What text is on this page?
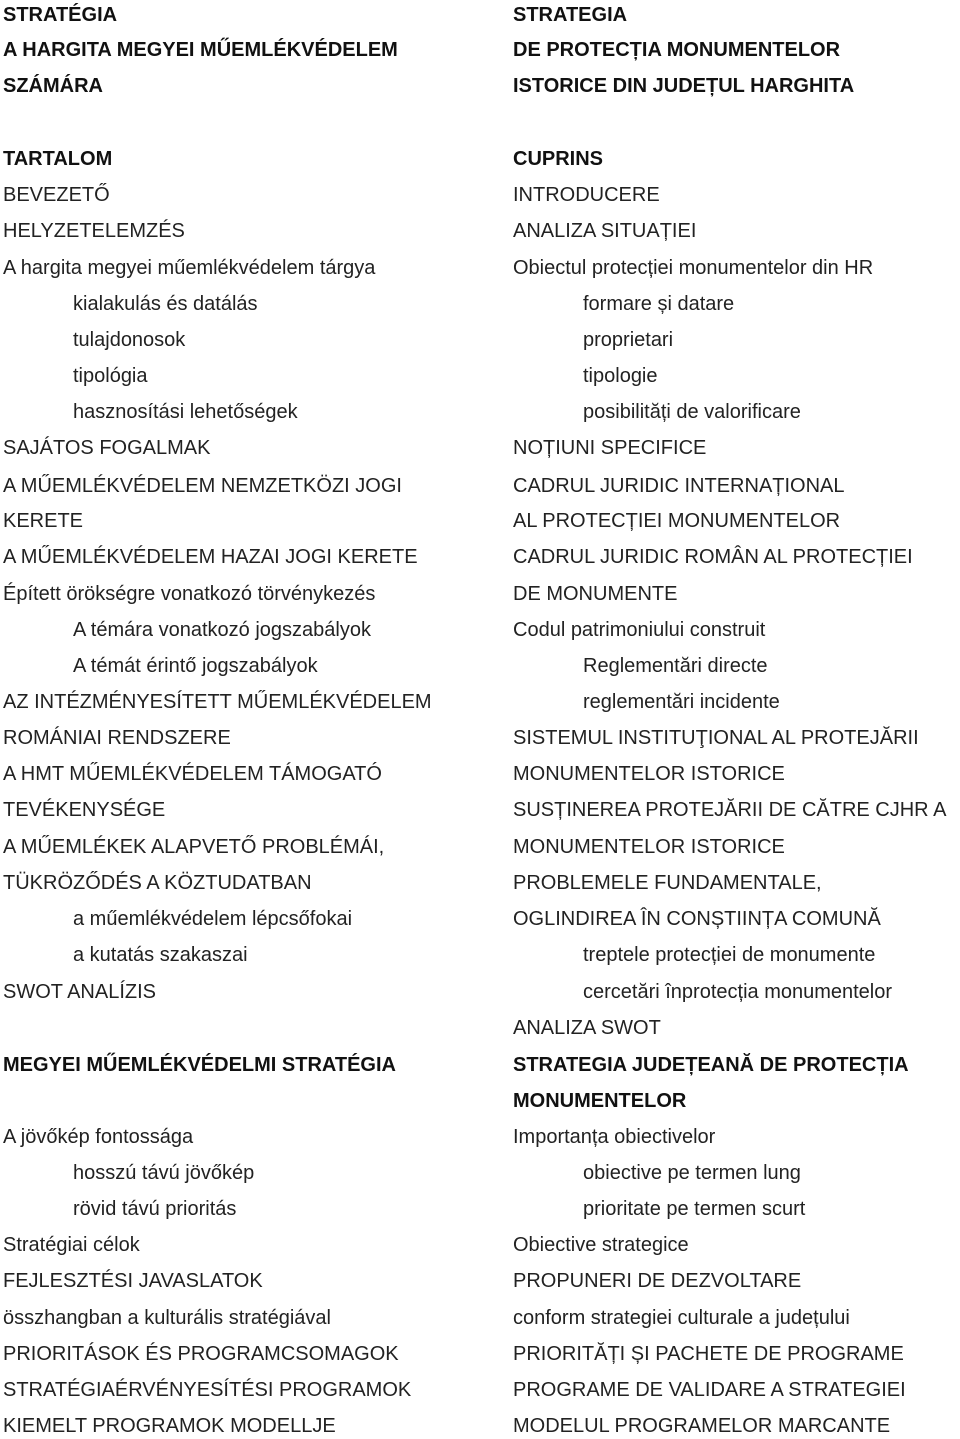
STRATÉGIA
A HARGITA MEGYEI MŰEMLÉKVÉDELEM
SZÁMÁRA
TARTALOM
BEVEZETŐ
HELYZETELEMZÉS
A hargita megyei műemlékvédelem tárgya
kialakulás és datálás
tulajdonosok
tipológia
hasznosítási lehetőségek
SAJÁTOS FOGALMAK
A MŰEMLÉKVÉDELEM NEMZETKÖZI JOGI
KERETE
A MŰEMLÉKVÉDELEM HAZAI JOGI KERETE
Épített örökségre vonatkozó törvénykezés
A témára vonatkozó jogszabályok
A témát érintő jogszabályok
AZ INTÉZMÉNYESÍTETT MŰEMLÉKVÉDELEM
ROMÁNIAI RENDSZERE
A HMT MŰEMLÉKVÉDELEM TÁMOGATÓ
TEVÉKENYSÉGE
A MŰEMLÉKEK ALAPVETŐ PROBLÉMÁI,
TÜKRÖZŐDÉS A KÖZTUDATBAN
a műemlékvédelem lépcsőfokai
a kutatás szakaszai
SWOT ANALÍZIS
MEGYEI MŰEMLÉKVÉDELMI STRATÉGIA
A jövőkép fontossága
hosszú távú jövőkép
rövid távú prioritás
Stratégiai célok
FEJLESZTÉSI JAVASLATOK
összhangban a kulturális stratégiával
PRIORITÁSOK ÉS PROGRAMCSOMAGOK
STRATÉGIAÉRVÉNYESÍTÉSI PROGRAMOK
KIEMELT PROGRAMOK MODELLJE
STRATEGIA
DE PROTECȚIA MONUMENTELOR
ISTORICE DIN JUDEȚUL HARGHITA
CUPRINS
INTRODUCERE
ANALIZA SITUAȚIEI
Obiectul protecției monumentelor din HR
formare și datare
proprietari
tipologie
posibilități de valorificare
NOȚIUNI SPECIFICE
CADRUL JURIDIC INTERNAȚIONAL
AL PROTECȚIEI MONUMENTELOR
CADRUL JURIDIC ROMÂN AL PROTECȚIEI
DE MONUMENTE
Codul patrimoniului construit
Reglementări directe
reglementări incidente
SISTEMUL INSTITUŢIONAL AL PROTEJĂRII
MONUMENTELOR ISTORICE
SUSȚINEREA PROTEJĂRII DE CĂTRE CJHR A
MONUMENTELOR ISTORICE
PROBLEMELE FUNDAMENTALE,
OGLINDIREA ÎN CONȘTIINȚA COMUNĂ
treptele protecției de monumente
cercetări înprotecția monumentelor
ANALIZA SWOT
STRATEGIA JUDEȚEANĂ DE PROTECȚIA
MONUMENTELOR
Importanța obiectivelor
obiective pe termen lung
prioritate pe termen scurt
Obiective strategice
PROPUNERI DE DEZVOLTARE
conform strategiei culturale a județului
PRIORITĂȚI ȘI PACHETE DE PROGRAME
PROGRAME DE VALIDARE A STRATEGIEI
MODELUL PROGRAMELOR MARCANTE
